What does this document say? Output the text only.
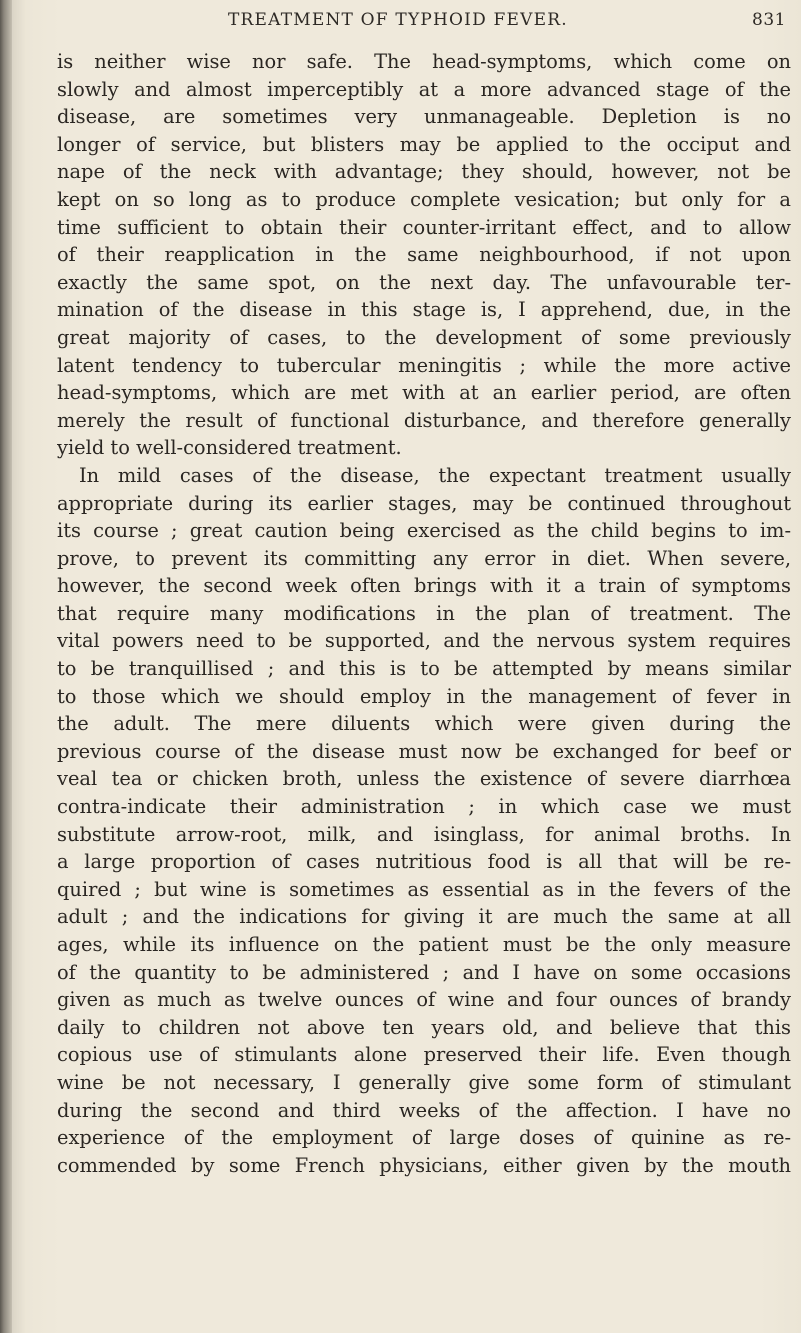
TREATMENT OF TYPHOID FEVER.	831
is neither wise nor safe. The head-symptoms, which come on
slowly and almost imperceptibly at a more advanced stage of the
disease, are sometimes very unmanageable. Depletion is no
longer of service, but blisters may be applied to the occiput and
nape of the neck with advantage; they should, however, not be
kept on so long as to produce complete vesication; but only for a
time sufficient to obtain their counter-irritant effect, and to allow
of their reapplication in the same neighbourhood, if not upon
exactly the same spot, on the next day. The unfavourable ter-
mination of the disease in this stage is, I apprehend, due, in the
great majority of cases, to the development of some previously
latent tendency to tubercular meningitis ; while the more active
head-symptoms, which are met with at an earlier period, are often
merely the result of functional disturbance, and therefore generally
yield to well-considered treatment.
In mild cases of the disease, the expectant treatment usually
appropriate during its earlier stages, may be continued throughout
its course ; great caution being exercised as the child begins to im-
prove, to prevent its committing any error in diet. When severe,
however, the second week often brings with it a train of symptoms
that require many modifications in the plan of treatment. The
vital powers need to be supported, and the nervous system requires
to be tranquillised ; and this is to be attempted by means similar
to those which we should employ in the management of fever in
the adult. The mere diluents which were given during the
previous course of the disease must now be exchanged for beef or
veal tea or chicken broth, unless the existence of severe diarrhœa
contra-indicate their administration ; in which case we must
substitute arrow-root, milk, and isinglass, for animal broths. In
a large proportion of cases nutritious food is all that will be re-
quired ; but wine is sometimes as essential as in the fevers of the
adult ; and the indications for giving it are much the same at all
ages, while its influence on the patient must be the only measure
of the quantity to be administered ; and I have on some occasions
given as much as twelve ounces of wine and four ounces of brandy
daily to children not above ten years old, and believe that this
copious use of stimulants alone preserved their life. Even though
wine be not necessary, I generally give some form of stimulant
during the second and third weeks of the affection. I have no
experience of the employment of large doses of quinine as re-
commended by some French physicians, either given by the mouth
